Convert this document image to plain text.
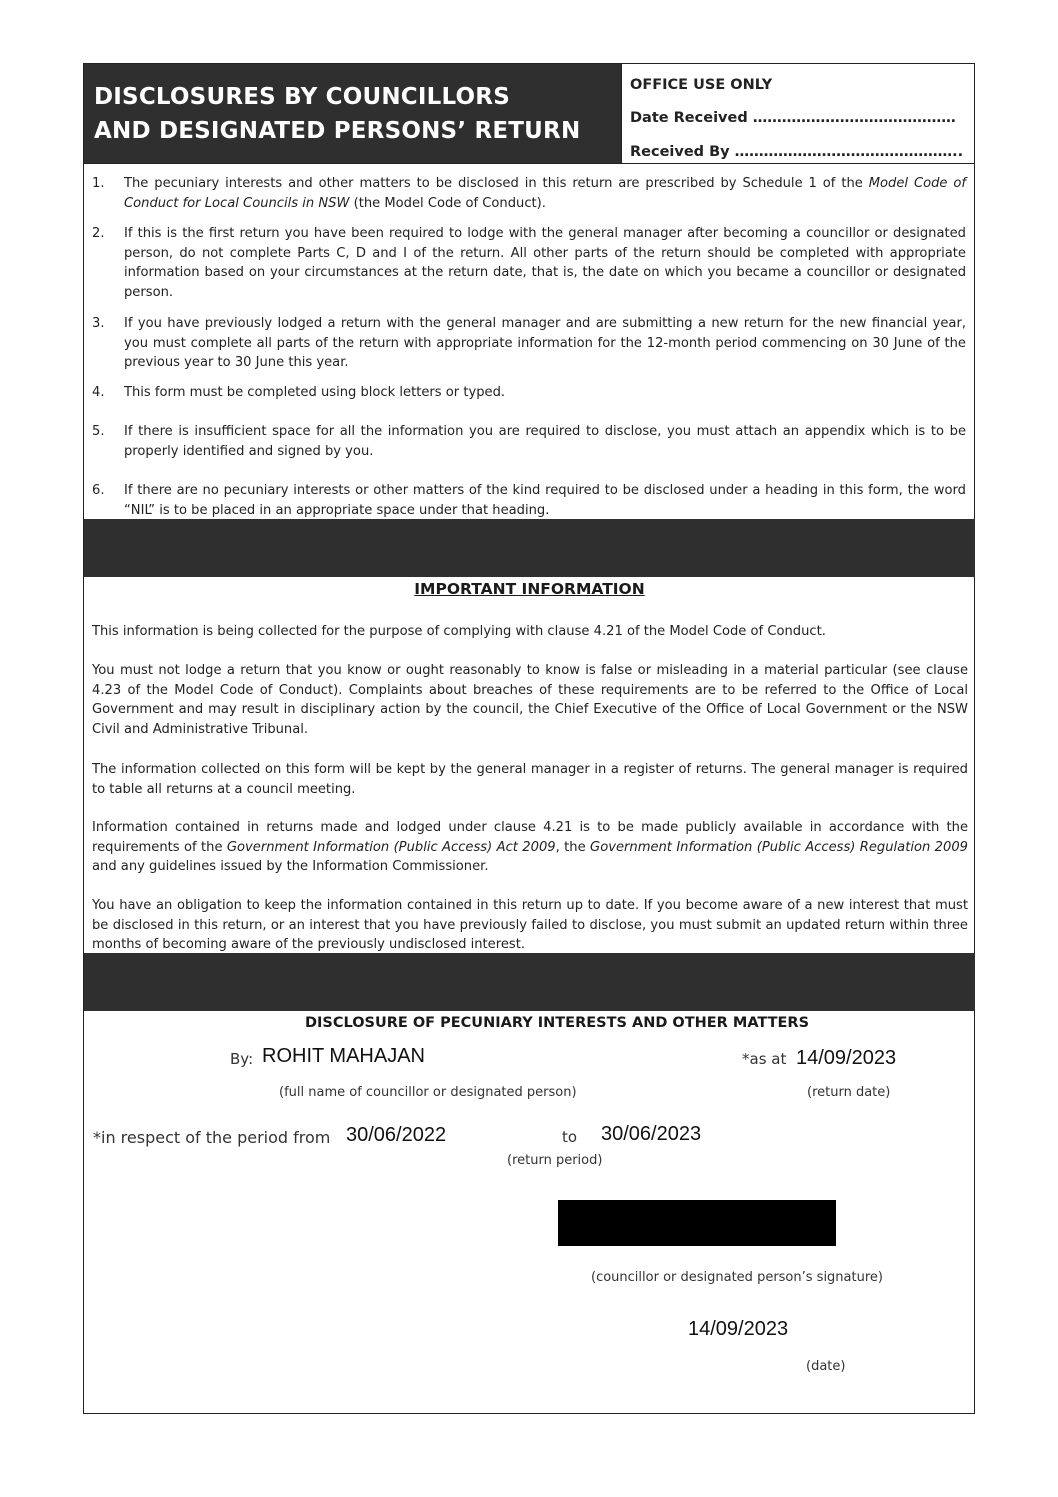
DISCLOSURES BY COUNCILLORS
AND DESIGNATED PERSONS’ RETURN
OFFICE USE ONLY
Date Received ……………………………………
Received By ………………………………………..
1. The pecuniary interests and other matters to be disclosed in this return are prescribed by Schedule 1 of the Model Code of Conduct for Local Councils in NSW (the Model Code of Conduct).
2. If this is the first return you have been required to lodge with the general manager after becoming a councillor or designated person, do not complete Parts C, D and I of the return. All other parts of the return should be completed with appropriate information based on your circumstances at the return date, that is, the date on which you became a councillor or designated person.
3. If you have previously lodged a return with the general manager and are submitting a new return for the new financial year, you must complete all parts of the return with appropriate information for the 12-month period commencing on 30 June of the previous year to 30 June this year.
4. This form must be completed using block letters or typed.
5. If there is insufficient space for all the information you are required to disclose, you must attach an appendix which is to be properly identified and signed by you.
6. If there are no pecuniary interests or other matters of the kind required to be disclosed under a heading in this form, the word “NIL” is to be placed in an appropriate space under that heading.
IMPORTANT INFORMATION
This information is being collected for the purpose of complying with clause 4.21 of the Model Code of Conduct.
You must not lodge a return that you know or ought reasonably to know is false or misleading in a material particular (see clause 4.23 of the Model Code of Conduct). Complaints about breaches of these requirements are to be referred to the Office of Local Government and may result in disciplinary action by the council, the Chief Executive of the Office of Local Government or the NSW Civil and Administrative Tribunal.
The information collected on this form will be kept by the general manager in a register of returns. The general manager is required to table all returns at a council meeting.
Information contained in returns made and lodged under clause 4.21 is to be made publicly available in accordance with the requirements of the Government Information (Public Access) Act 2009, the Government Information (Public Access) Regulation 2009 and any guidelines issued by the Information Commissioner.
You have an obligation to keep the information contained in this return up to date. If you become aware of a new interest that must be disclosed in this return, or an interest that you have previously failed to disclose, you must submit an updated return within three months of becoming aware of the previously undisclosed interest.
DISCLOSURE OF PECUNIARY INTERESTS AND OTHER MATTERS
By: ROHIT MAHAJAN	*as at 14/09/2023
(full name of councillor or designated person)	(return date)
*in respect of the period from 30/06/2022	to 30/06/2023
(return period)
(councillor or designated person’s signature)
14/09/2023
(date)
